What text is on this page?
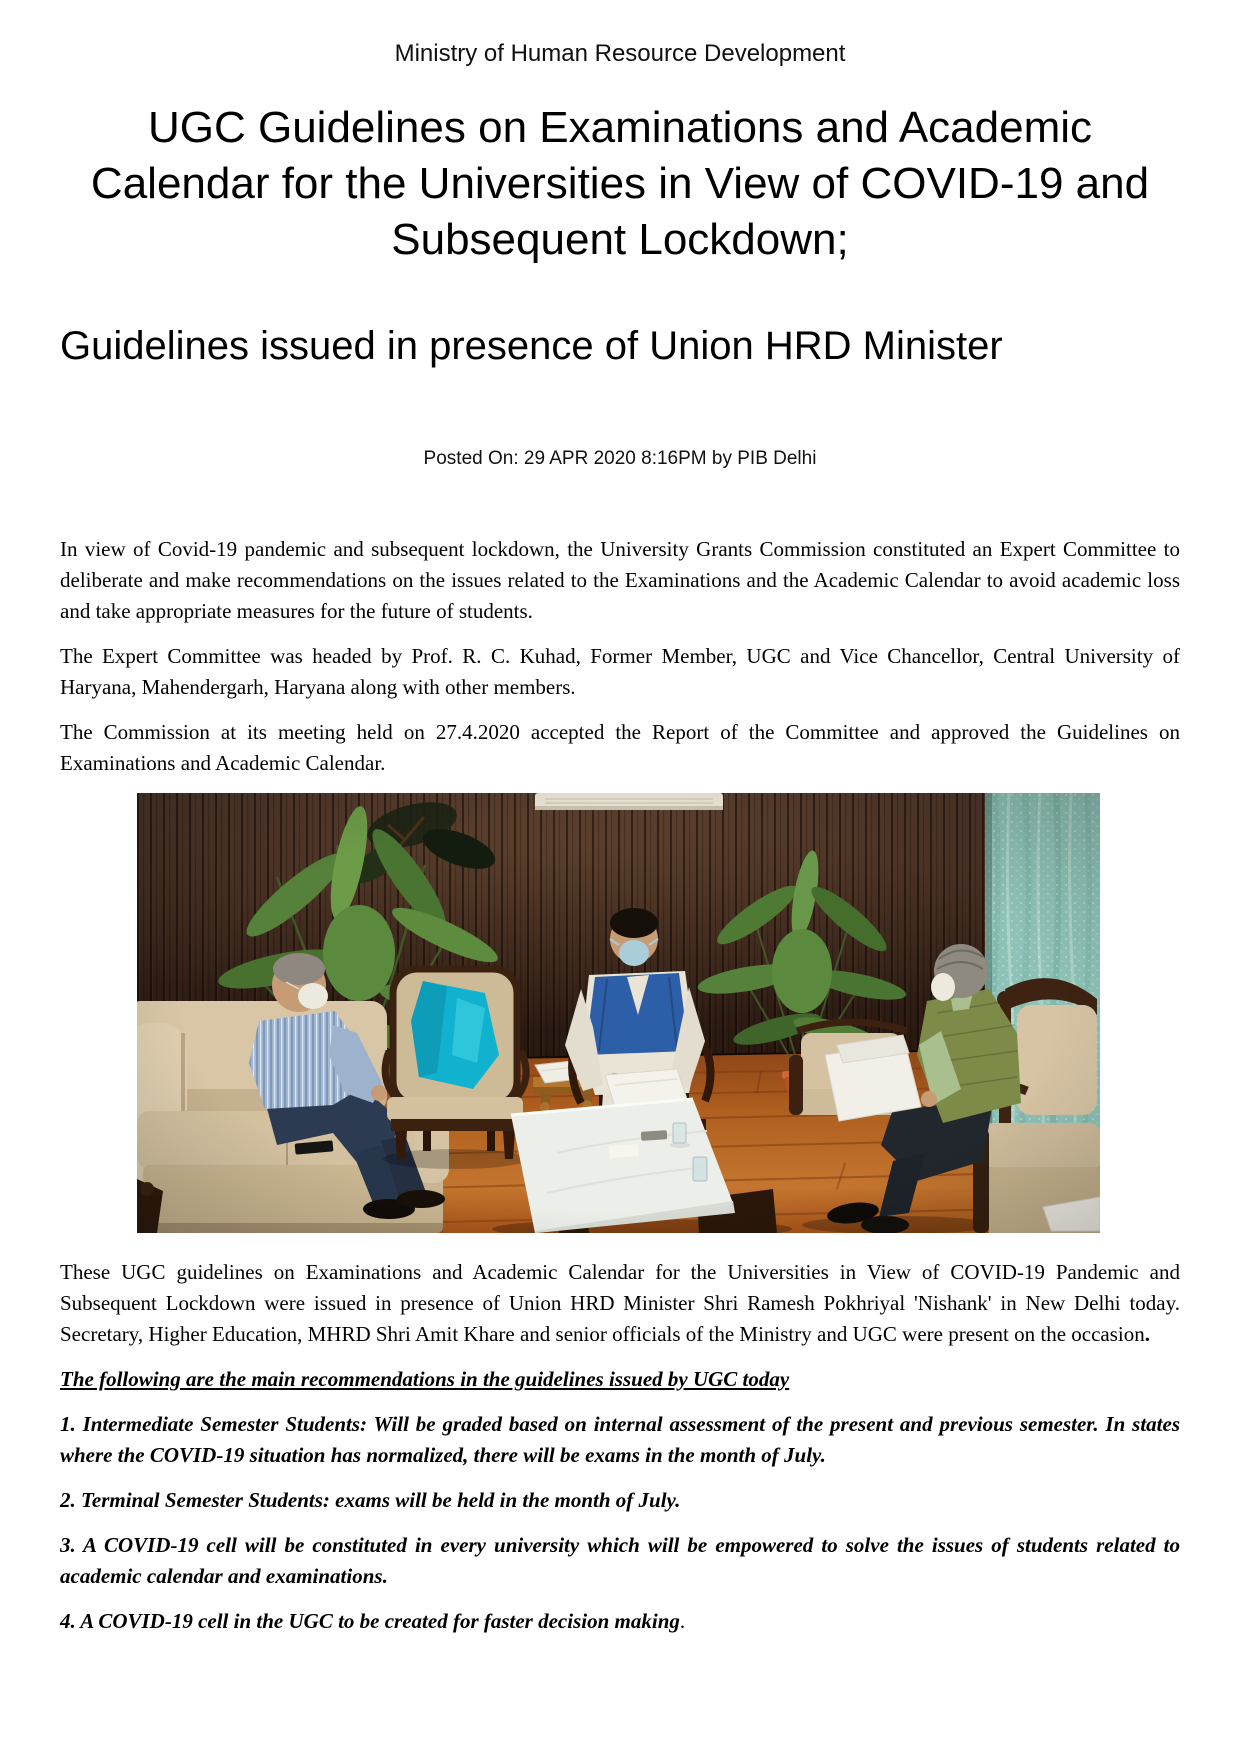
Ministry of Human Resource Development
UGC Guidelines on Examinations and Academic Calendar for the Universities in View of COVID-19 and Subsequent Lockdown;
Guidelines issued in presence of Union HRD Minister
Posted On: 29 APR 2020 8:16PM by PIB Delhi

In view of Covid-19 pandemic and subsequent lockdown, the University Grants Commission constituted an Expert Committee to deliberate and make recommendations on the issues related to the Examinations and the Academic Calendar to avoid academic loss and take appropriate measures for the future of students.

The Expert Committee was headed by Prof. R. C. Kuhad, Former Member, UGC and Vice Chancellor, Central University of Haryana, Mahendergarh, Haryana along with other members.

The Commission at its meeting held on 27.4.2020 accepted the Report of the Committee and approved the Guidelines on Examinations and Academic Calendar.

These UGC guidelines on Examinations and Academic Calendar for the Universities in View of COVID-19 Pandemic and Subsequent Lockdown were issued in presence of Union HRD Minister Shri Ramesh Pokhriyal 'Nishank' in New Delhi today. Secretary, Higher Education, MHRD Shri Amit Khare and senior officials of the Ministry and UGC were present on the occasion.

The following are the main recommendations in the guidelines issued by UGC today

1. Intermediate Semester Students: Will be graded based on internal assessment of the present and previous semester. In states where the COVID-19 situation has normalized, there will be exams in the month of July.

2. Terminal Semester Students: exams will be held in the month of July.

3. A COVID-19 cell will be constituted in every university which will be empowered to solve the issues of students related to academic calendar and examinations.

4. A COVID-19 cell in the UGC to be created for faster decision making.
